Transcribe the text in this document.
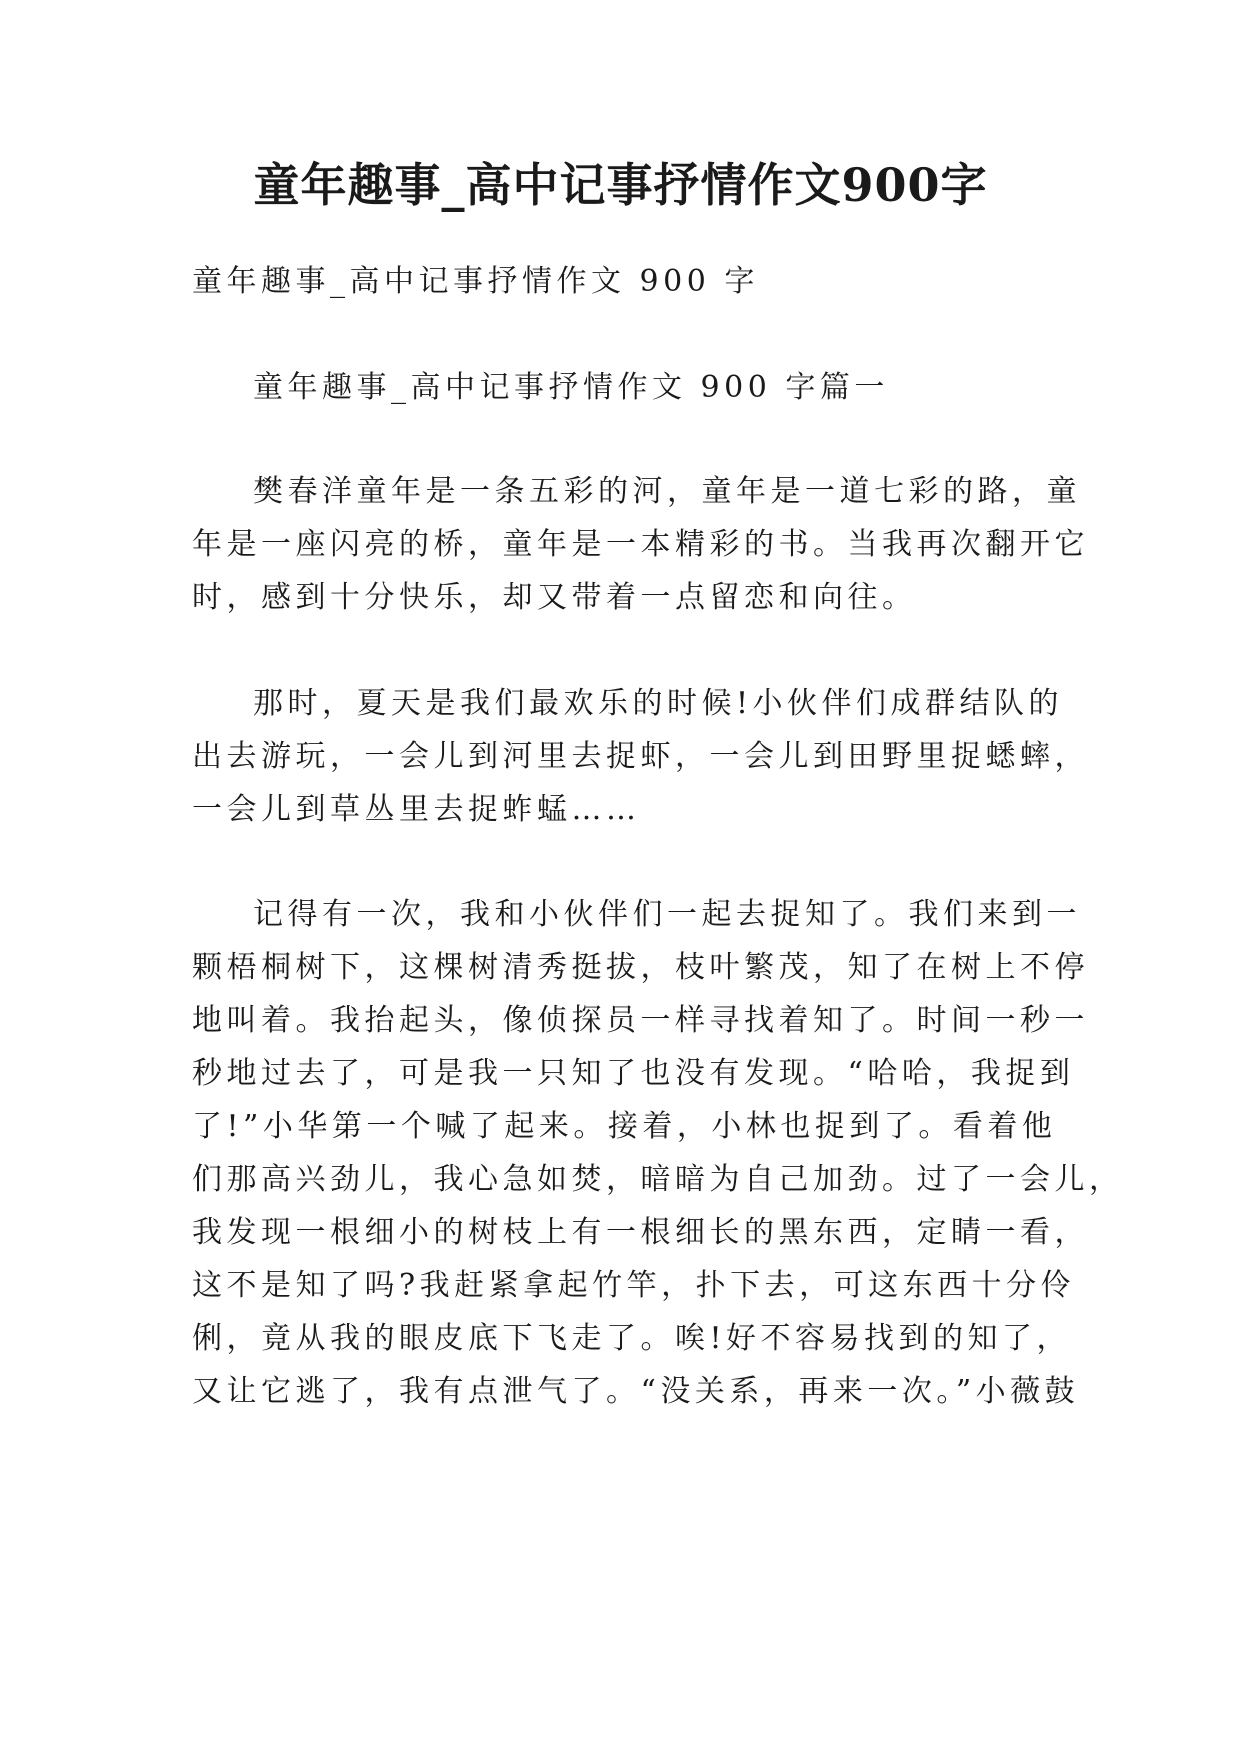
童年趣事_高中记事抒情作文900字

童年趣事_高中记事抒情作文 900 字

童年趣事_高中记事抒情作文 900 字篇一

樊春洋童年是一条五彩的河，童年是一道七彩的路，童

年是一座闪亮的桥，童年是一本精彩的书。当我再次翻开它

时，感到十分快乐，却又带着一点留恋和向往。

那时，夏天是我们最欢乐的时候!小伙伴们成群结队的

出去游玩，一会儿到河里去捉虾，一会儿到田野里捉蟋蟀，

一会儿到草丛里去捉蚱蜢……

记得有一次，我和小伙伴们一起去捉知了。我们来到一

颗梧桐树下，这棵树清秀挺拔，枝叶繁茂，知了在树上不停

地叫着。我抬起头，像侦探员一样寻找着知了。时间一秒一

秒地过去了，可是我一只知了也没有发现。“哈哈，我捉到

了!”小华第一个喊了起来。接着，小林也捉到了。看着他

们那高兴劲儿，我心急如焚，暗暗为自己加劲。过了一会儿，

我发现一根细小的树枝上有一根细长的黑东西，定睛一看，

这不是知了吗?我赶紧拿起竹竿，扑下去，可这东西十分伶

俐，竟从我的眼皮底下飞走了。唉!好不容易找到的知了，

又让它逃了，我有点泄气了。“没关系，再来一次。”小薇鼓
